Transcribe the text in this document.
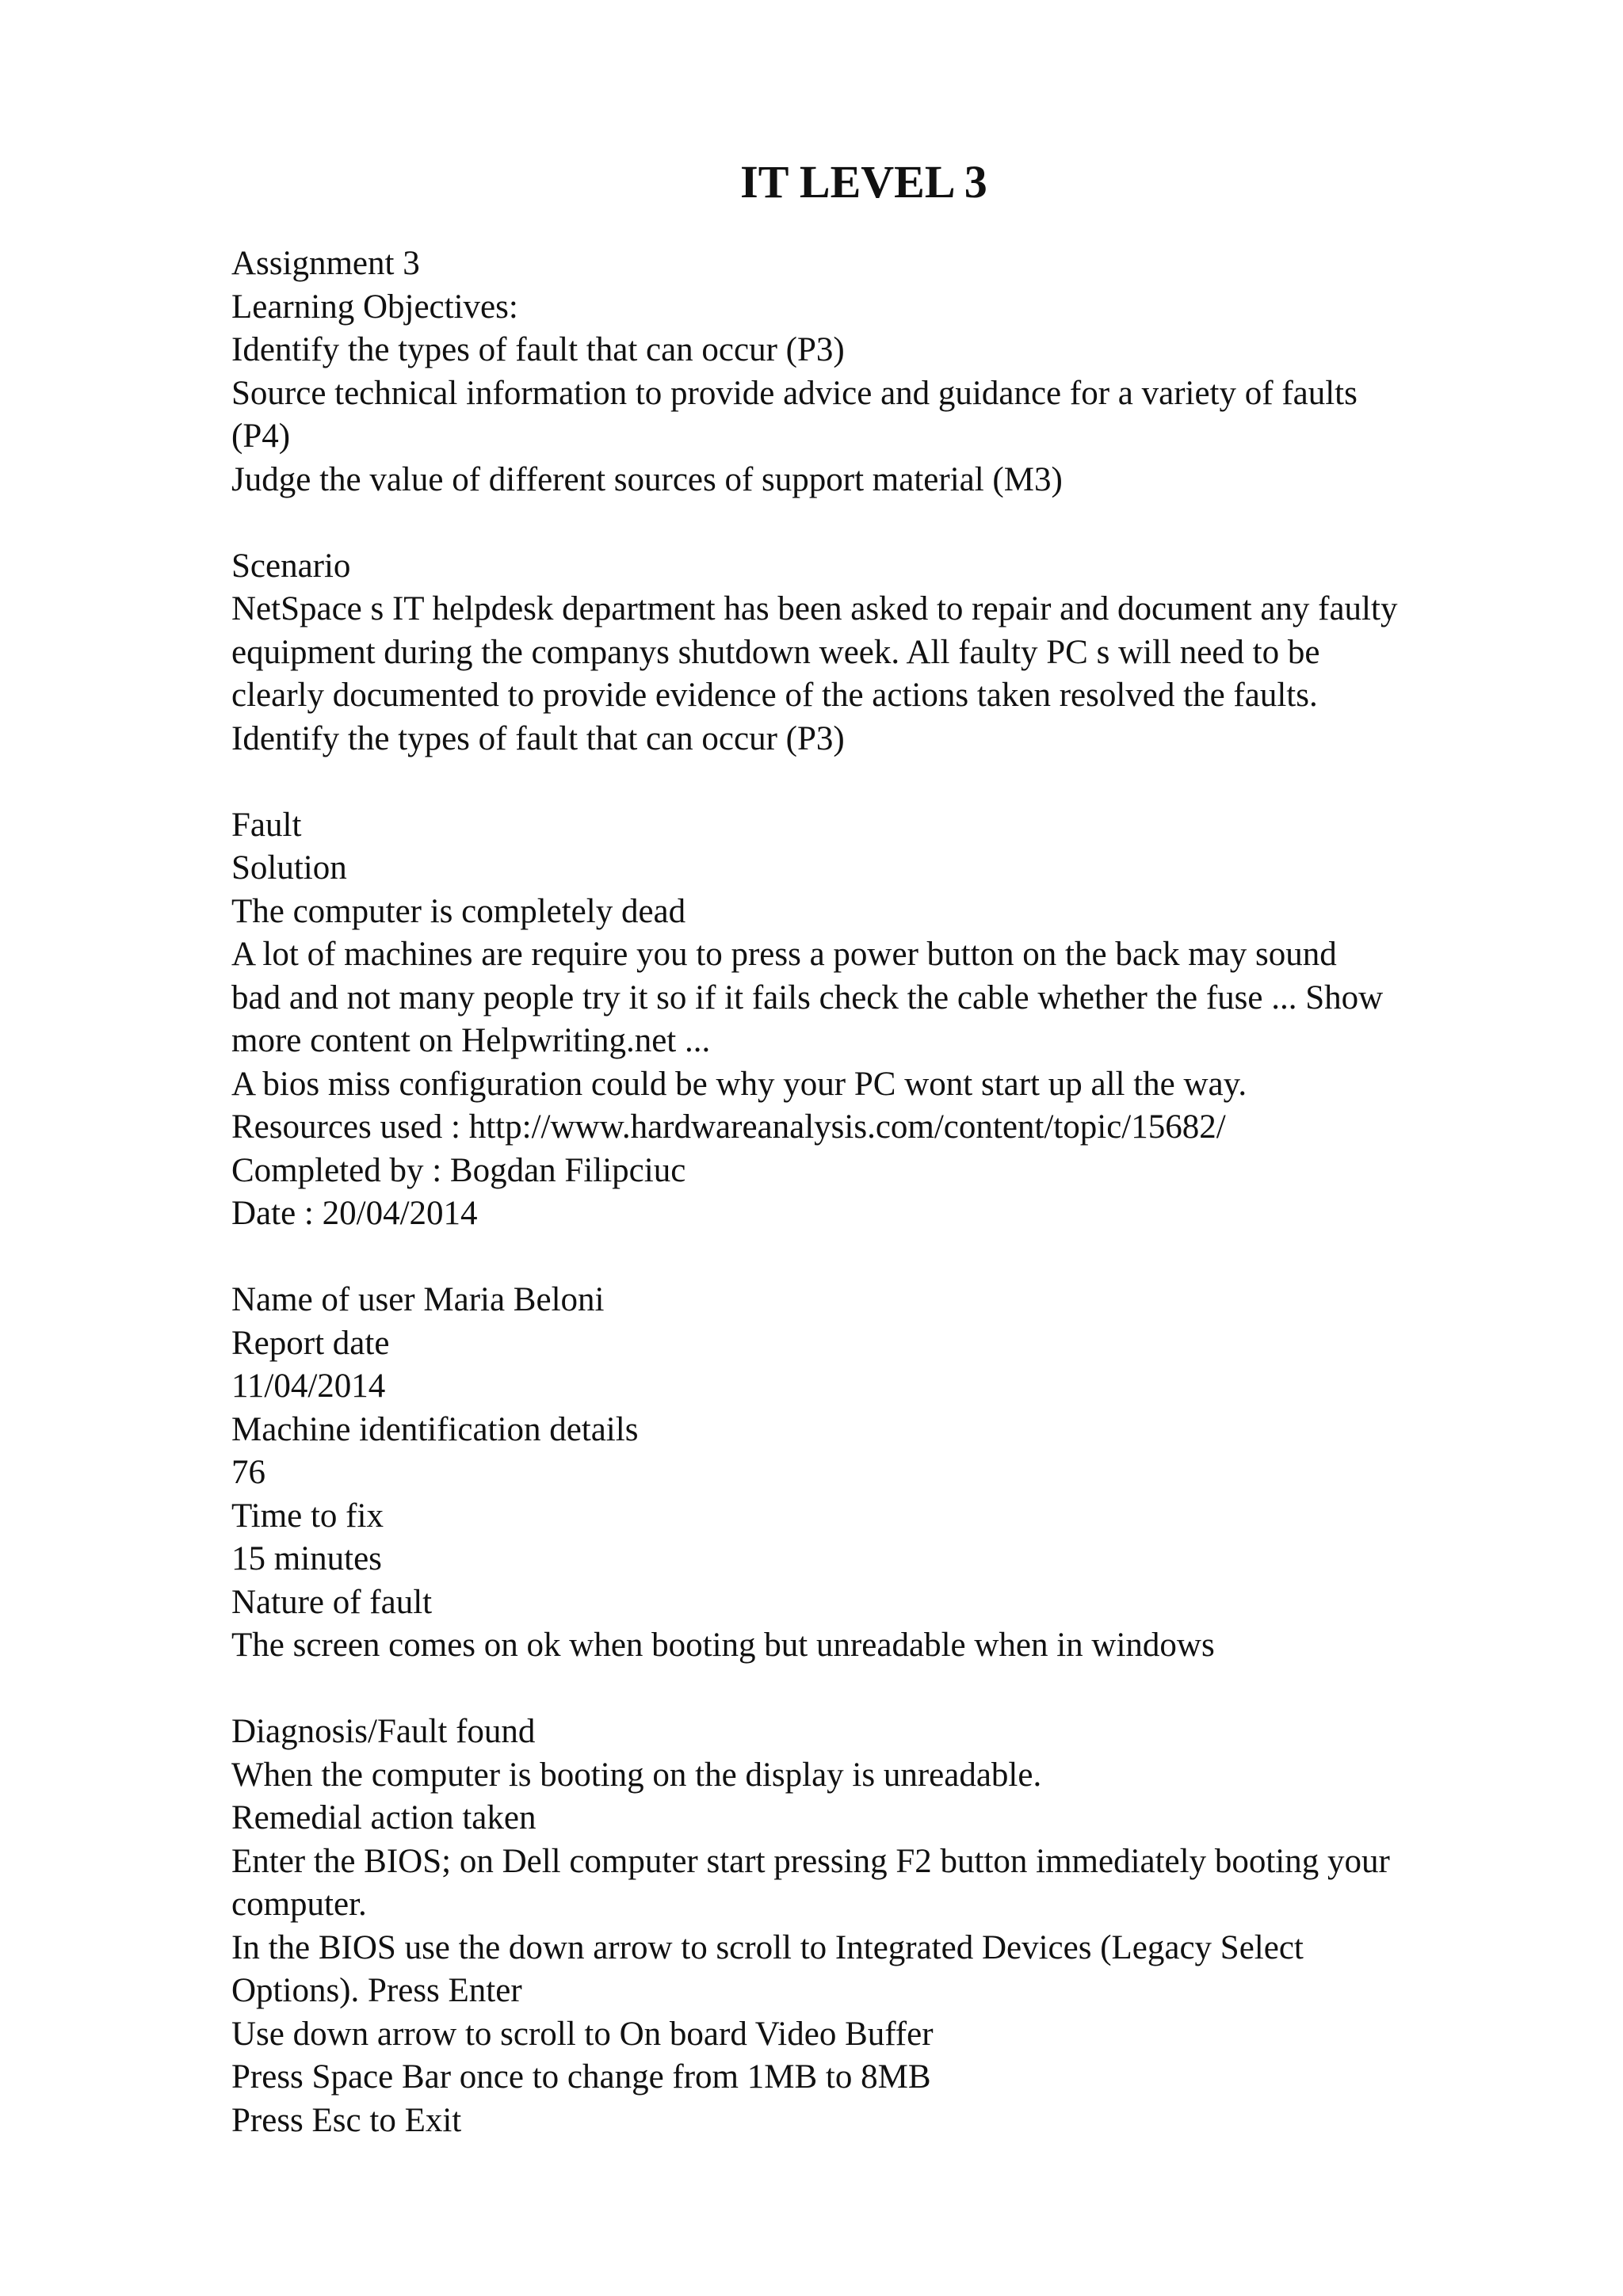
IT LEVEL 3
Assignment 3
Learning Objectives:
Identify the types of fault that can occur (P3)
Source technical information to provide advice and guidance for a variety of faults
(P4)
Judge the value of different sources of support material (M3)
Scenario
NetSpace s IT helpdesk department has been asked to repair and document any faulty
equipment during the companys shutdown week. All faulty PC s will need to be
clearly documented to provide evidence of the actions taken resolved the faults.
Identify the types of fault that can occur (P3)
Fault
Solution
The computer is completely dead
A lot of machines are require you to press a power button on the back may sound
bad and not many people try it so if it fails check the cable whether the fuse ... Show
more content on Helpwriting.net ...
A bios miss configuration could be why your PC wont start up all the way.
Resources used : http://www.hardwareanalysis.com/content/topic/15682/
Completed by : Bogdan Filipciuc
Date : 20/04/2014
Name of user Maria Beloni
Report date
11/04/2014
Machine identification details
76
Time to fix
15 minutes
Nature of fault
The screen comes on ok when booting but unreadable when in windows
Diagnosis/Fault found
When the computer is booting on the display is unreadable.
Remedial action taken
Enter the BIOS; on Dell computer start pressing F2 button immediately booting your
computer.
In the BIOS use the down arrow to scroll to Integrated Devices (Legacy Select
Options). Press Enter
Use down arrow to scroll to On board Video Buffer
Press Space Bar once to change from 1MB to 8MB
Press Esc to Exit
